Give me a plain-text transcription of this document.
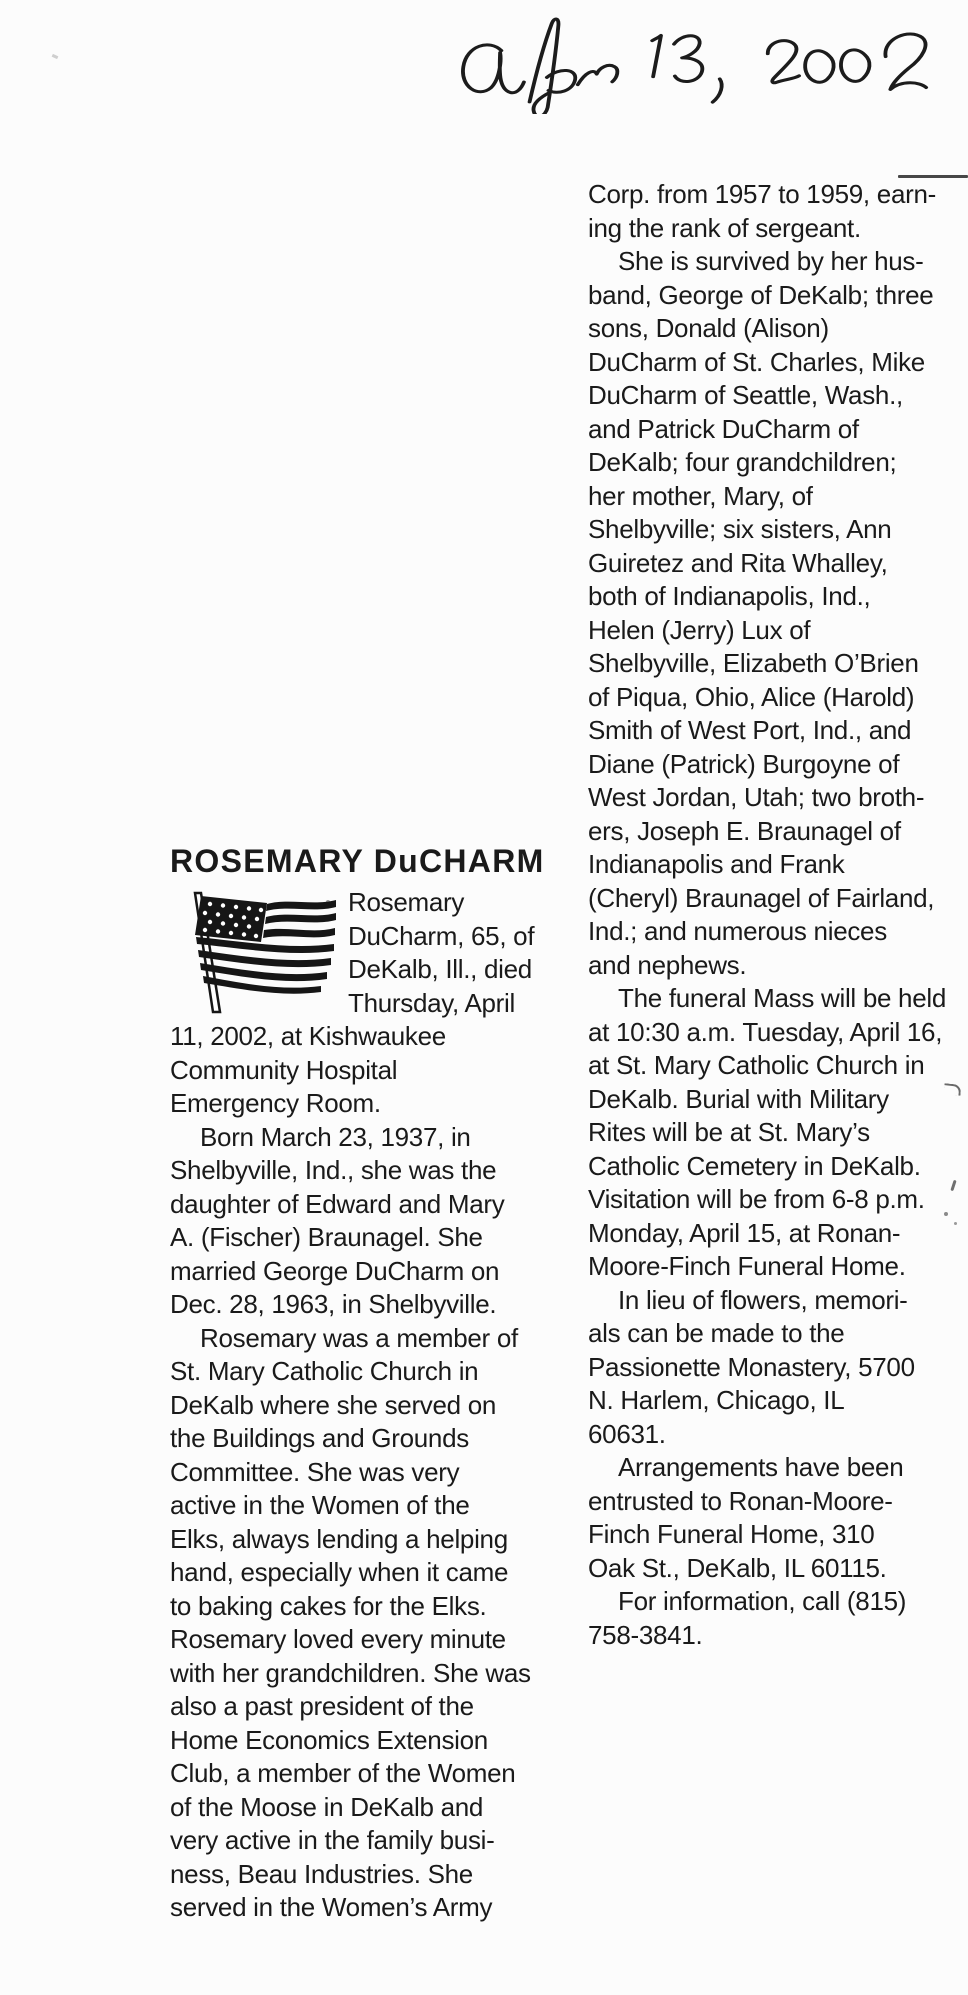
Corp. from 1957 to 1959, earn-
ing the rank of sergeant.
She is survived by her hus-
band, George of DeKalb; three
sons, Donald (Alison)
DuCharm of St. Charles, Mike
DuCharm of Seattle, Wash.,
and Patrick DuCharm of
DeKalb; four grandchildren;
her mother, Mary, of
Shelbyville; six sisters, Ann
Guiretez and Rita Whalley,
both of Indianapolis, Ind.,
Helen (Jerry) Lux of
Shelbyville, Elizabeth O’Brien
of Piqua, Ohio, Alice (Harold)
Smith of West Port, Ind., and
Diane (Patrick) Burgoyne of
West Jordan, Utah; two broth-
ers, Joseph E. Braunagel of
Indianapolis and Frank
(Cheryl) Braunagel of Fairland,
Ind.; and numerous nieces
and nephews.
The funeral Mass will be held
at 10:30 a.m. Tuesday, April 16,
at St. Mary Catholic Church in
DeKalb. Burial with Military
Rites will be at St. Mary’s
Catholic Cemetery in DeKalb.
Visitation will be from 6-8 p.m.
Monday, April 15, at Ronan-
Moore-Finch Funeral Home.
In lieu of flowers, memori-
als can be made to the
Passionette Monastery, 5700
N. Harlem, Chicago, IL
60631.
Arrangements have been
entrusted to Ronan-Moore-
Finch Funeral Home, 310
Oak St., DeKalb, IL 60115.
For information, call (815)
758-3841.
ROSEMARY DuCHARM
Rosemary
DuCharm, 65, of
DeKalb, Ill., died
Thursday, April
11, 2002, at Kishwaukee
Community Hospital
Emergency Room.
Born March 23, 1937, in
Shelbyville, Ind., she was the
daughter of Edward and Mary
A. (Fischer) Braunagel. She
married George DuCharm on
Dec. 28, 1963, in Shelbyville.
Rosemary was a member of
St. Mary Catholic Church in
DeKalb where she served on
the Buildings and Grounds
Committee. She was very
active in the Women of the
Elks, always lending a helping
hand, especially when it came
to baking cakes for the Elks.
Rosemary loved every minute
with her grandchildren. She was
also a past president of the
Home Economics Extension
Club, a member of the Women
of the Moose in DeKalb and
very active in the family busi-
ness, Beau Industries. She
served in the Women’s Army
